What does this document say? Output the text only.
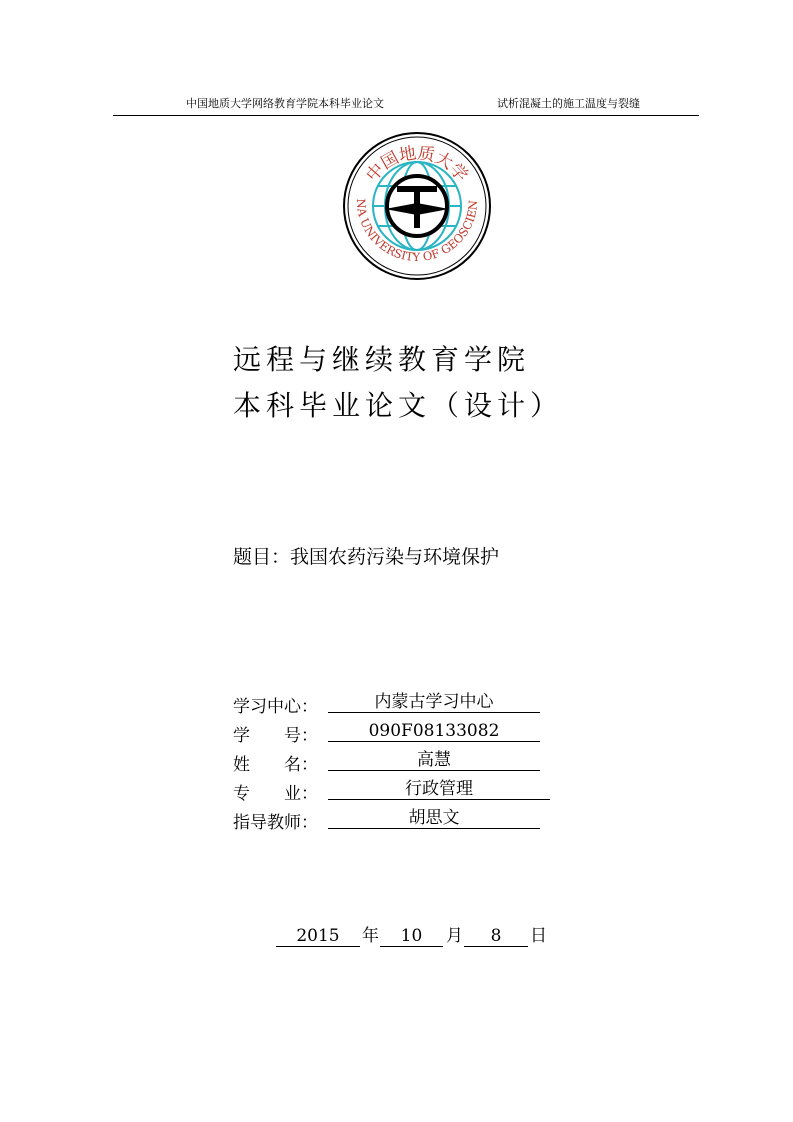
中国地质大学网络教育学院本科毕业论文	试析混凝土的施工温度与裂缝
中国地质大学
NA UNIVERSITY OF GEOSCIEN
远程与继续教育学院
本科毕业论文（设计）
题目：我国农药污染与环境保护
学习中心：	内蒙古学习中心
学　　号：	090F08133082
姓　　名：	高慧
专　　业：	行政管理
指导教师：	胡思文
2015	年	10	月	8	日
